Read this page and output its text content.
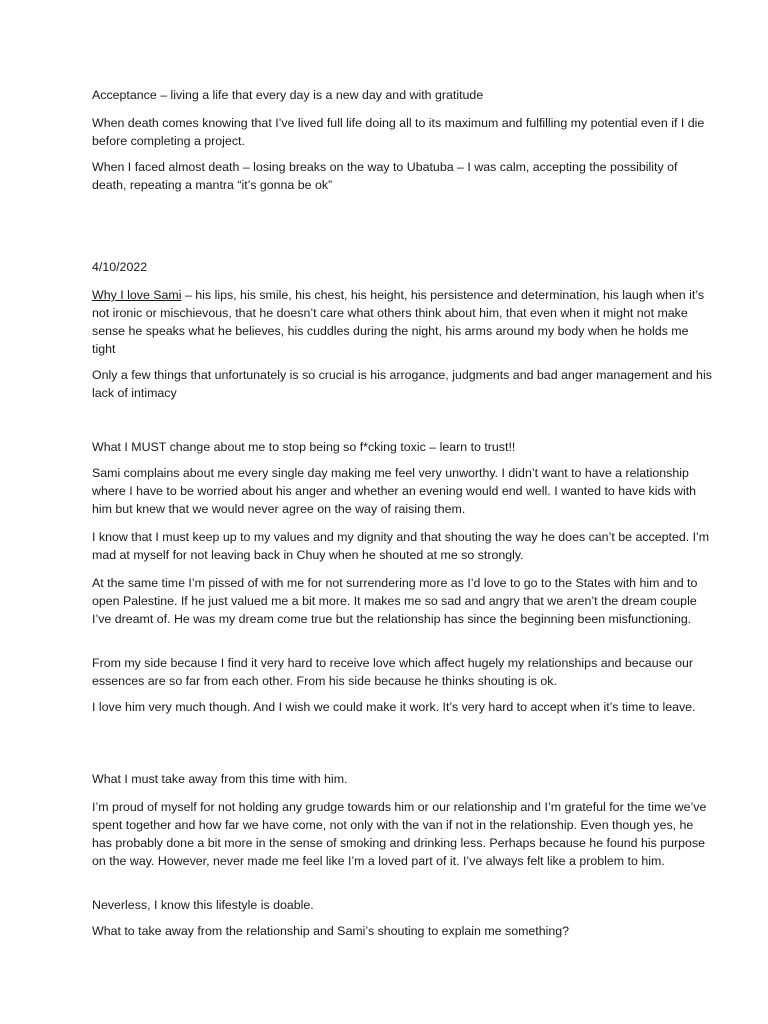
Acceptance – living a life that every day is a new day and with gratitude

When death comes knowing that I’ve lived full life doing all to its maximum and fulfilling my potential even if I die before completing a project.

When I faced almost death – losing breaks on the way to Ubatuba – I was calm, accepting the possibility of death, repeating a mantra “it’s gonna be ok”

4/10/2022

Why I love Sami – his lips, his smile, his chest, his height, his persistence and determination, his laugh when it’s not ironic or mischievous, that he doesn’t care what others think about him, that even when it might not make sense he speaks what he believes, his cuddles during the night, his arms around my body when he holds me tight

Only a few things that unfortunately is so crucial is his arrogance, judgments and bad anger management and his lack of intimacy

What I MUST change about me to stop being so f*cking toxic – learn to trust!!

Sami complains about me every single day making me feel very unworthy. I didn’t want to have a relationship where I have to be worried about his anger and whether an evening would end well. I wanted to have kids with him but knew that we would never agree on the way of raising them.

I know that I must keep up to my values and my dignity and that shouting the way he does can’t be accepted. I’m mad at myself for not leaving back in Chuy when he shouted at me so strongly.

At the same time I’m pissed of with me for not surrendering more as I’d love to go to the States with him and to open Palestine. If he just valued me a bit more. It makes me so sad and angry that we aren’t the dream couple I’ve dreamt of. He was my dream come true but the relationship has since the beginning been misfunctioning.

From my side because I find it very hard to receive love which affect hugely my relationships and because our essences are so far from each other. From his side because he thinks shouting is ok.

I love him very much though. And I wish we could make it work. It’s very hard to accept when it’s time to leave.

What I must take away from this time with him.

I’m proud of myself for not holding any grudge towards him or our relationship and I’m grateful for the time we’ve spent together and how far we have come, not only with the van if not in the relationship. Even though yes, he has probably done a bit more in the sense of smoking and drinking less. Perhaps because he found his purpose on the way. However, never made me feel like I’m a loved part of it. I’ve always felt like a problem to him.

Neverless, I know this lifestyle is doable.

What to take away from the relationship and Sami’s shouting to explain me something?
